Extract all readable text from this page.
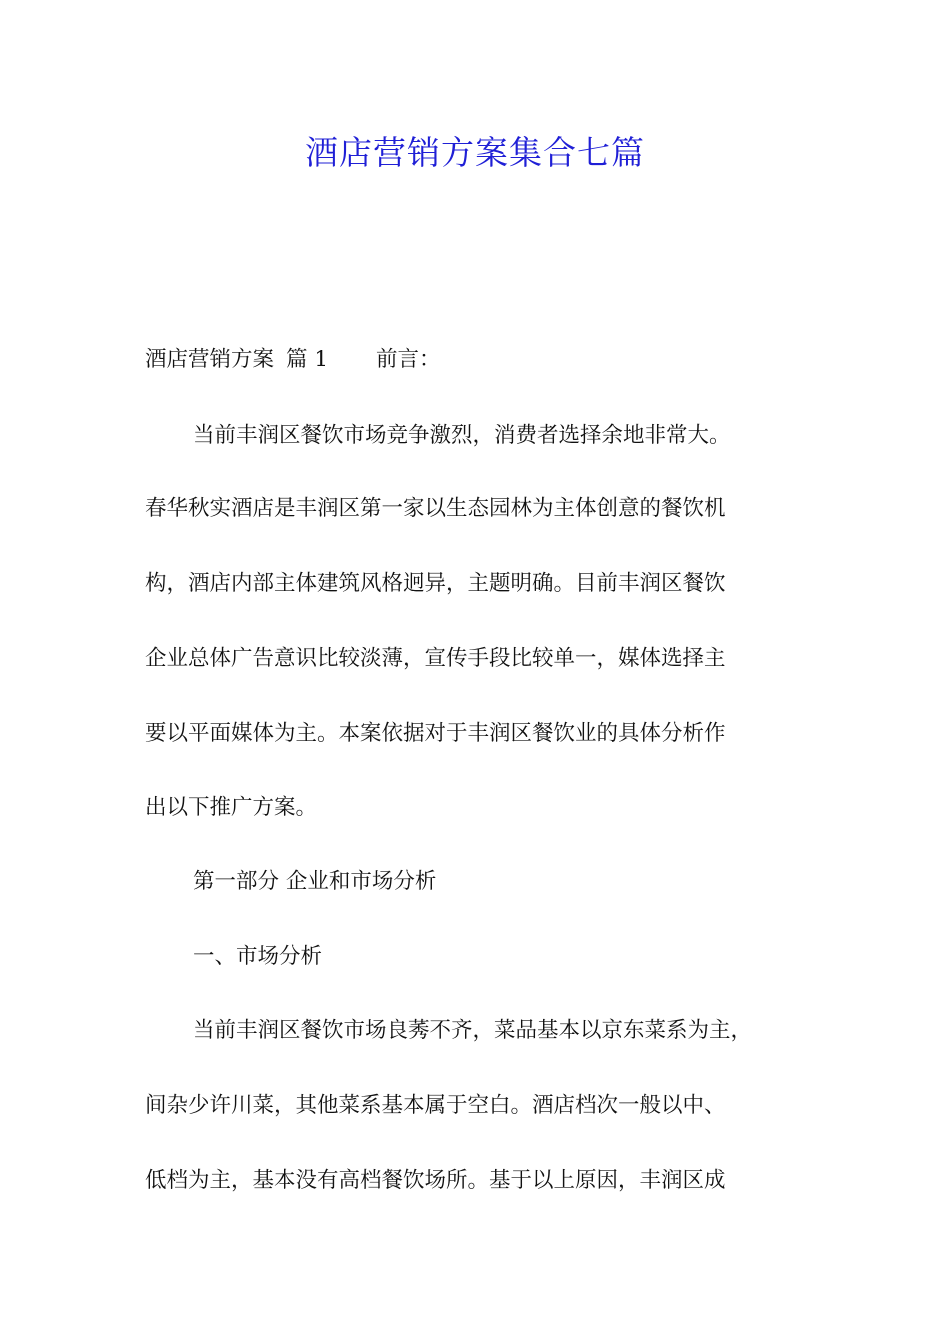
酒店营销方案集合七篇

酒店营销方案 篇 1 前言：

当前丰润区餐饮市场竞争激烈，消费者选择余地非常大。

春华秋实酒店是丰润区第一家以生态园林为主体创意的餐饮机

构，酒店内部主体建筑风格迥异，主题明确。目前丰润区餐饮

企业总体广告意识比较淡薄，宣传手段比较单一，媒体选择主

要以平面媒体为主。本案依据对于丰润区餐饮业的具体分析作

出以下推广方案。

第一部分 企业和市场分析

一、市场分析

当前丰润区餐饮市场良莠不齐，菜品基本以京东菜系为主，

间杂少许川菜，其他菜系基本属于空白。酒店档次一般以中、

低档为主，基本没有高档餐饮场所。基于以上原因，丰润区成
